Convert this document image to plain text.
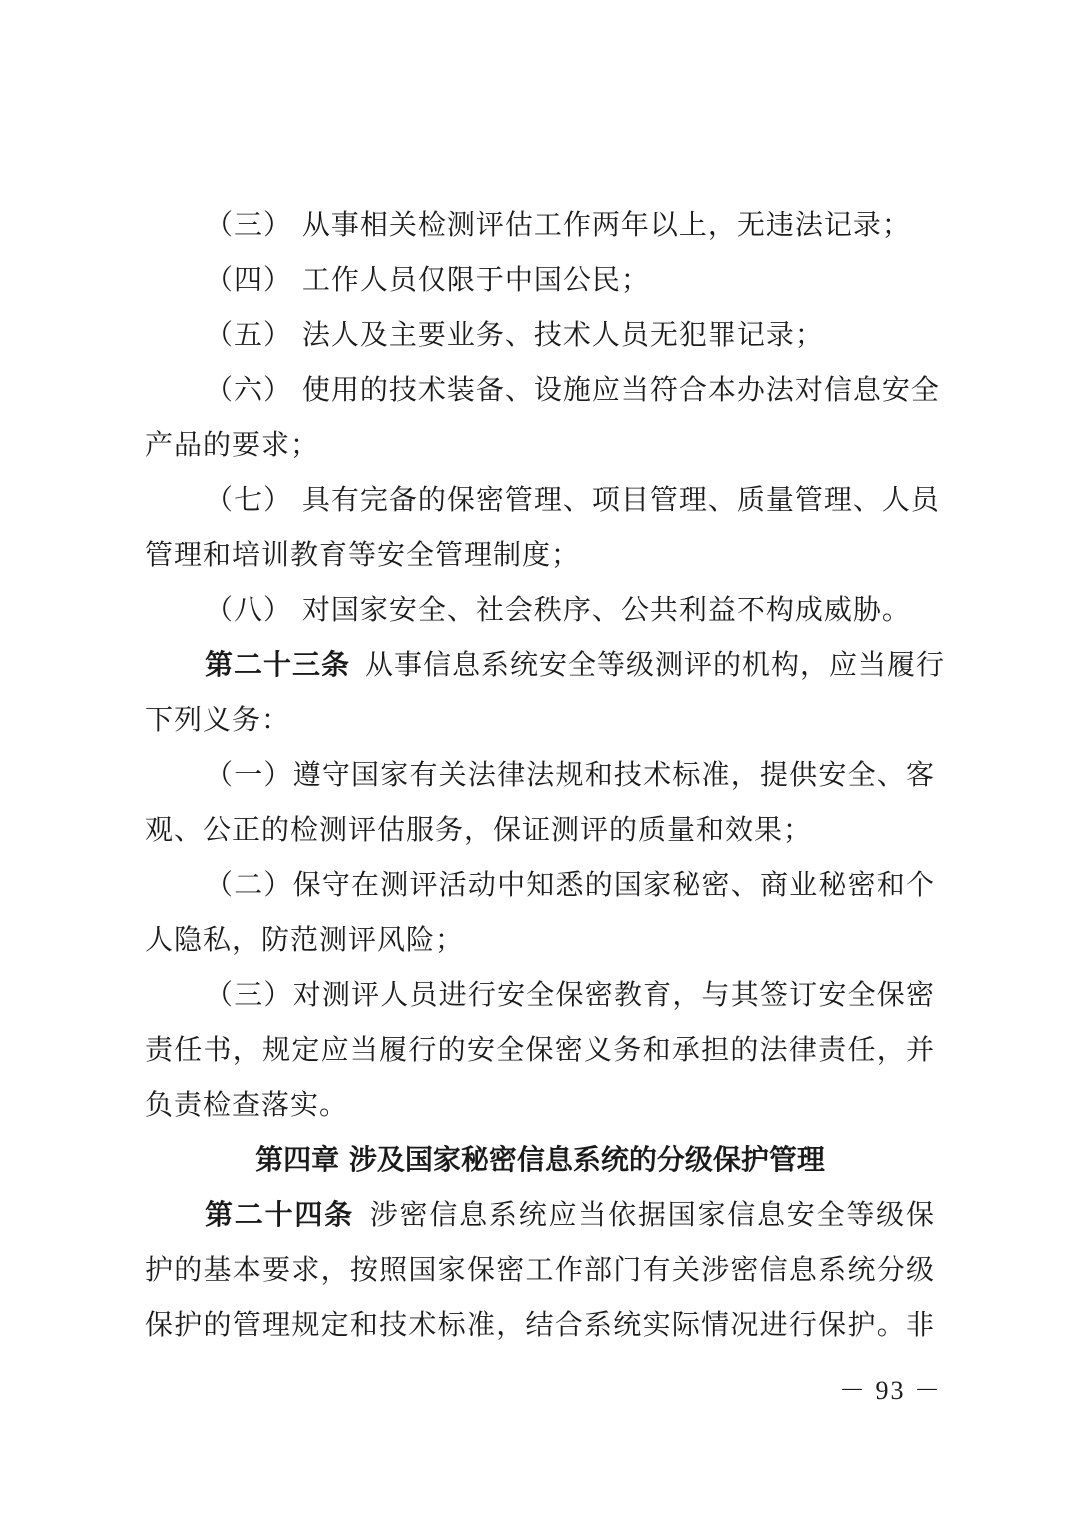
（三） 从事相关检测评估工作两年以上，无违法记录；
（四） 工作人员仅限于中国公民；
（五） 法人及主要业务、技术人员无犯罪记录；
（六） 使用的技术装备、设施应当符合本办法对信息安全
产品的要求；
（七） 具有完备的保密管理、项目管理、质量管理、人员
管理和培训教育等安全管理制度；
（八） 对国家安全、社会秩序、公共利益不构成威胁。
第二十三条  从事信息系统安全等级测评的机构，应当履行
下列义务：
（一）遵守国家有关法律法规和技术标准，提供安全、客
观、公正的检测评估服务，保证测评的质量和效果；
（二）保守在测评活动中知悉的国家秘密、商业秘密和个
人隐私，防范测评风险；
（三）对测评人员进行安全保密教育，与其签订安全保密
责任书，规定应当履行的安全保密义务和承担的法律责任，并
负责检查落实。
第四章 涉及国家秘密信息系统的分级保护管理
第二十四条  涉密信息系统应当依据国家信息安全等级保
护的基本要求，按照国家保密工作部门有关涉密信息系统分级
保护的管理规定和技术标准，结合系统实际情况进行保护。非
－ 93 －
